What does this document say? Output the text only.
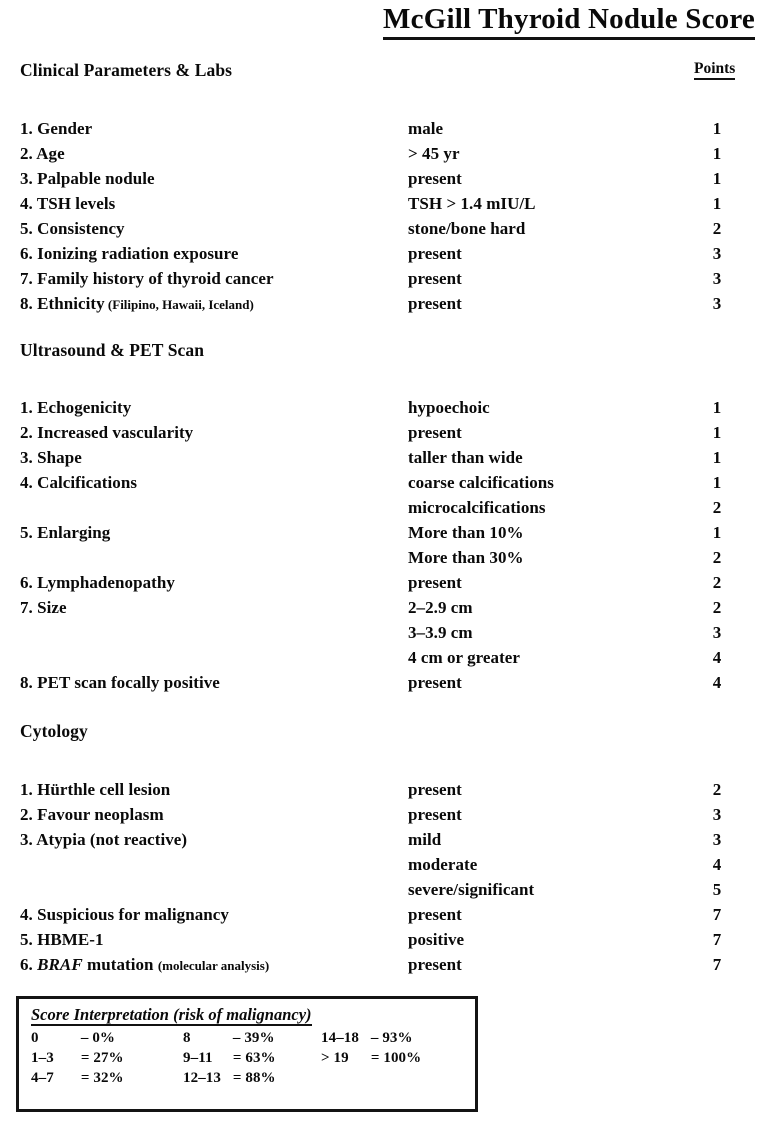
McGill Thyroid Nodule Score
Points
Clinical Parameters & Labs
Ultrasound & PET Scan
Cytology
1. Gender	male	1
2. Age	> 45 yr	1
3. Palpable nodule	present	1
4. TSH levels	TSH > 1.4 mIU/L	1
5. Consistency	stone/bone hard	2
6. Ionizing radiation exposure	present	3
7. Family history of thyroid cancer	present	3
8. Ethnicity (Filipino, Hawaii, Iceland)	present	3
1. Echogenicity	hypoechoic	1
2. Increased vascularity	present	1
3. Shape	taller than wide	1
4. Calcifications	coarse calcifications	1
microcalcifications	2
5. Enlarging	More than 10%	1
More than 30%	2
6. Lymphadenopathy	present	2
7. Size	2–2.9 cm	2
3–3.9 cm	3
4 cm or greater	4
8. PET scan focally positive	present	4
1. Hürthle cell lesion	present	2
2. Favour neoplasm	present	3
3. Atypia (not reactive)	mild	3
moderate	4
severe/significant	5
4. Suspicious for malignancy	present	7
5. HBME-1	positive	7
6. BRAF mutation (molecular analysis)	present	7
Score Interpretation (risk of malignancy)
0	– 0%
1–3 = 27%
4–7 = 32%
8	– 39%
9–11 = 63%
12–13 = 88%
14–18 – 93%
> 19 = 100%
